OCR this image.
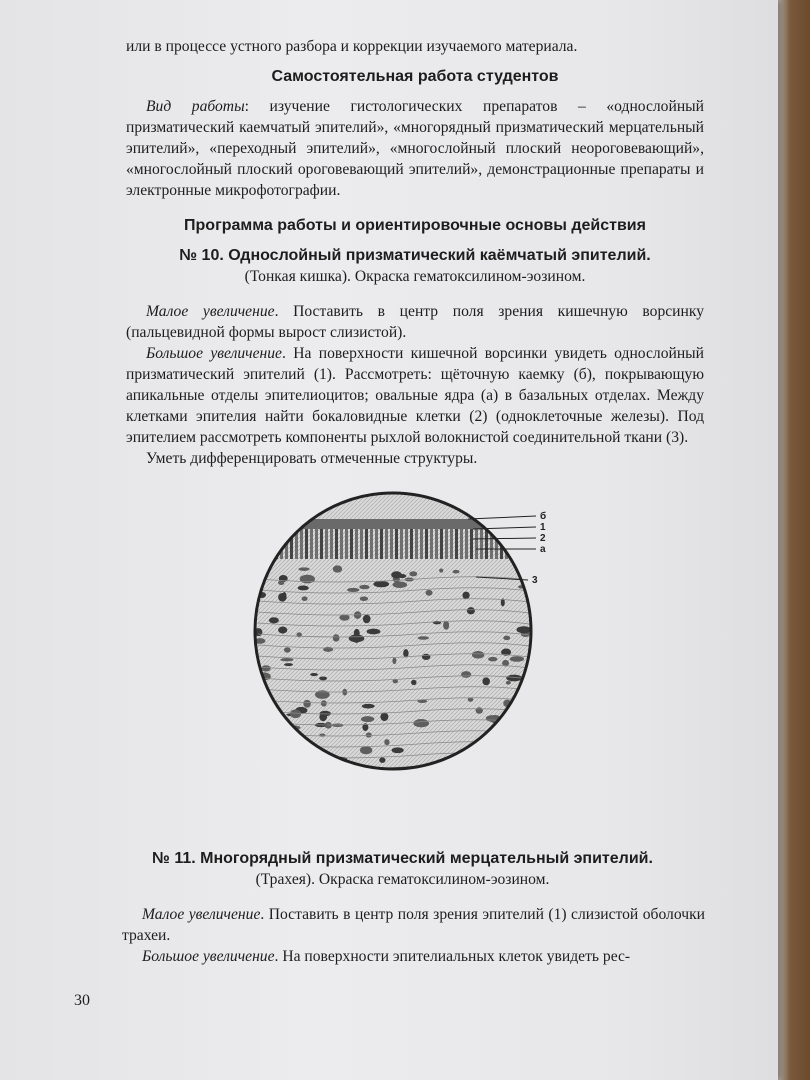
или в процессе устного разбора и коррекции изучаемого материала.

Самостоятельная работа студентов

Вид работы: изучение гистологических препаратов – «однослойный призматический каемчатый эпителий», «многорядный призматический мерцательный эпителий», «переходный эпителий», «многослойный плоский неороговевающий», «многослойный плоский ороговевающий эпителий», демонстрационные препараты и электронные микрофотографии.

Программа работы и ориентировочные основы действия
№ 10. Однослойный призматический каёмчатый эпителий.

(Тонкая кишка). Окраска гематоксилином-эозином.

Малое увеличение. Поставить в центр поля зрения кишечную ворсинку (пальцевидной формы вырост слизистой).

Большое увеличение. На поверхности кишечной ворсинки увидеть однослойный призматический эпителий (1). Рассмотреть: щёточную каемку (б), покрывающую апикальные отделы эпителиоцитов; овальные ядра (а) в базальных отделах. Между клетками эпителия найти бокаловидные клетки (2) (одноклеточные железы). Под эпителием рассмотреть компоненты рыхлой волокнистой соединительной ткани (3).

Уметь дифференцировать отмеченные структуры.

б
1
2
а
3
№ 11. Многорядный призматический мерцательный эпителий.

(Трахея). Окраска гематоксилином-эозином.

Малое увеличение. Поставить в центр поля зрения эпителий (1) слизистой оболочки трахеи.

Большое увеличение. На поверхности эпителиальных клеток увидеть рес-

30
